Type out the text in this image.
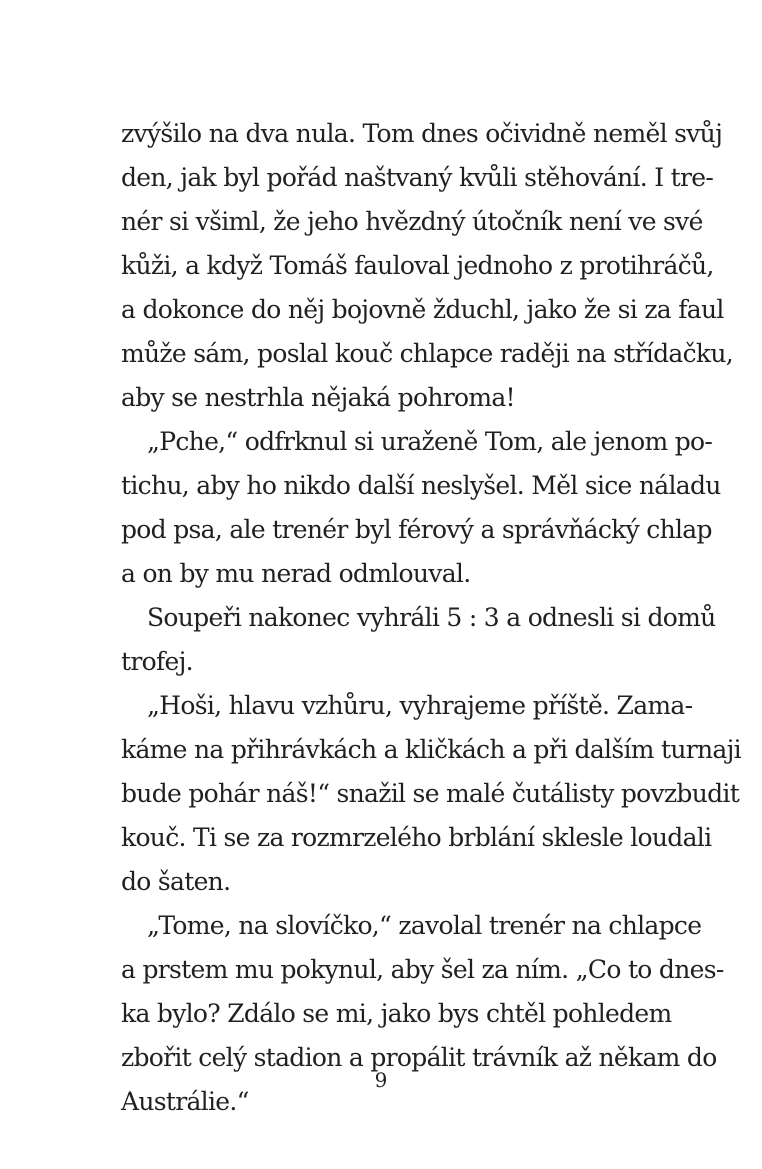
zvýšilo na dva nula. Tom dnes očividně neměl svůj
den, jak byl pořád naštvaný kvůli stěhování. I tre-
nér si všiml, že jeho hvězdný útočník není ve své
kůži, a když Tomáš fauloval jednoho z protihráčů,
a dokonce do něj bojovně žduchl, jako že si za faul
může sám, poslal kouč chlapce raději na střídačku,
aby se nestrhla nějaká pohroma!
„Pche,“ odfrknul si uraženě Tom, ale jenom po-
tichu, aby ho nikdo další neslyšel. Měl sice náladu
pod psa, ale trenér byl férový a správňácký chlap
a on by mu nerad odmlouval.
Soupeři nakonec vyhráli 5 : 3 a odnesli si domů
trofej.
„Hoši, hlavu vzhůru, vyhrajeme příště. Zama-
káme na přihrávkách a kličkách a při dalším turnaji
bude pohár náš!“ snažil se malé čutálisty povzbudit
kouč. Ti se za rozmrzelého brblání sklesle loudali
do šaten.
„Tome, na slovíčko,“ zavolal trenér na chlapce
a prstem mu pokynul, aby šel za ním. „Co to dnes-
ka bylo? Zdálo se mi, jako bys chtěl pohledem
zbořit celý stadion a propálit trávník až někam do
Austrálie.“
9
